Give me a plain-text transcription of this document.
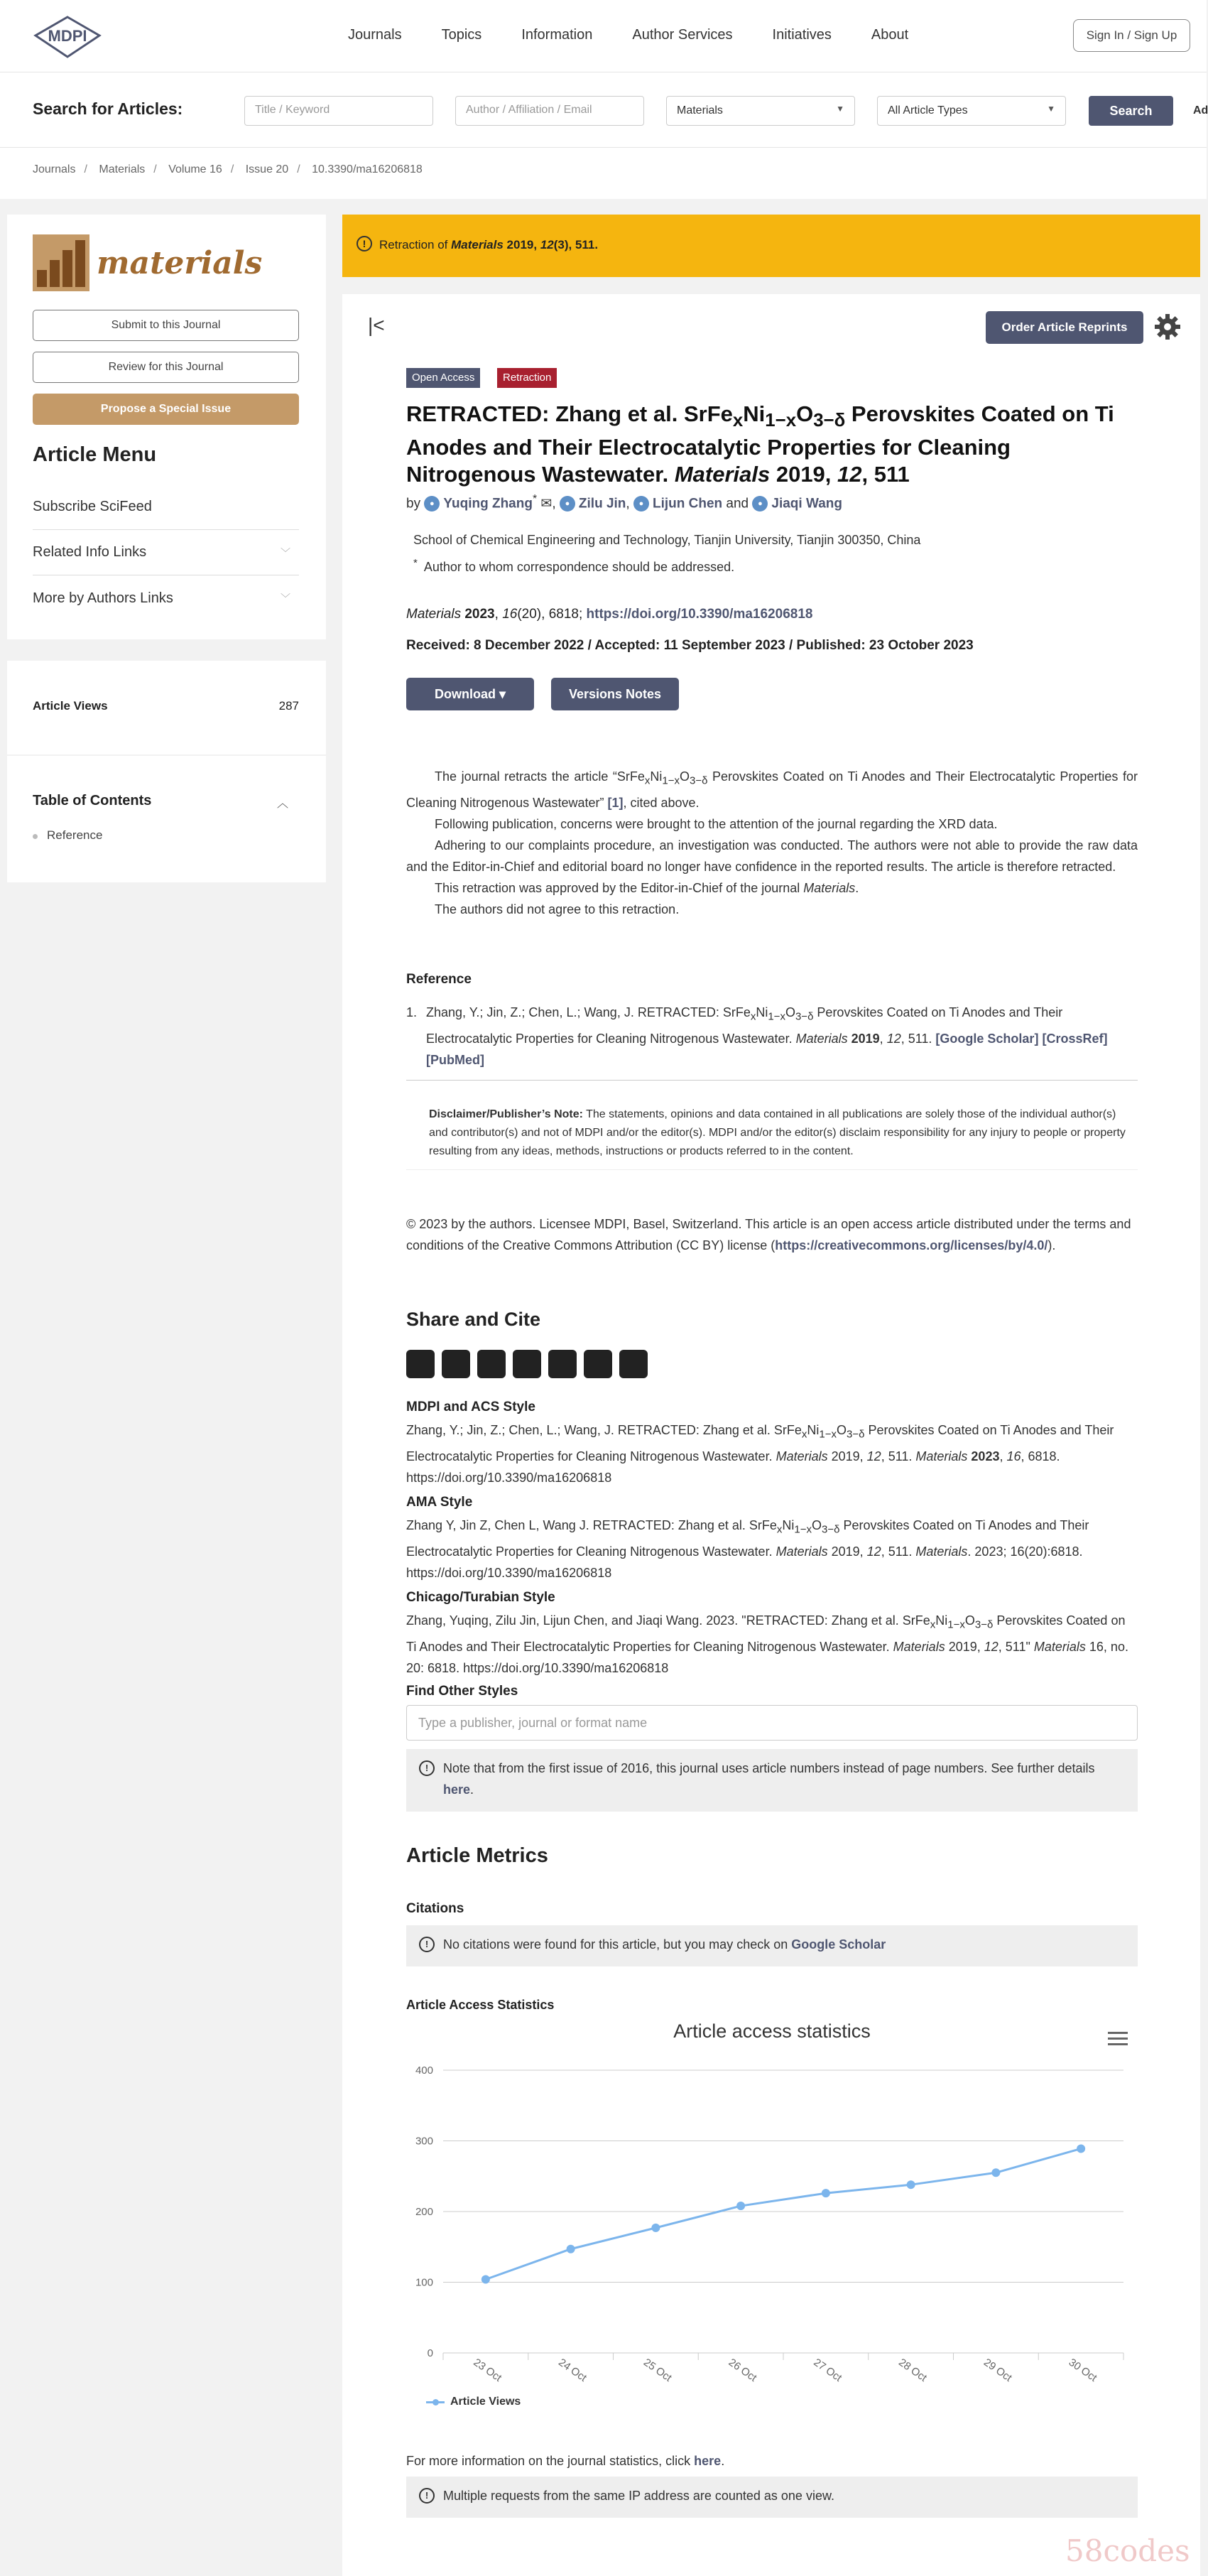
MDPI	Journals	Topics	Information	Author Services	Initiatives	About	Sign In / Sign Up
Search for Articles:	Title / Keyword	Author / Affiliation / Email	Materials	▼	All Article Types	▼	Search	Ad
Journals / Materials / Volume 16 / Issue 20 / 10.3390/ma16206818
materials
Submit to this Journal
Review for this Journal
Propose a Special Issue
Article Menu
Subscribe SciFeed
Related Info Links	﹀
More by Authors Links	﹀
Article Views	287
Table of Contents	︿
Reference
!	Retraction of Materials 2019, 12(3), 511.
|<	Order Article Reprints
Open Access	Retraction
RETRACTED: Zhang et al. $SrFe_xNi_{1-x}O_{3-\delta}$ Perovskites Coated on Ti Anodes and Their Electrocatalytic Properties for Cleaning Nitrogenous Wastewater. Materials 2019, 12, 511
by ● Yuqing Zhang* ✉, ● Zilu Jin, ● Lijun Chen and ● Jiaqi Wang
School of Chemical Engineering and Technology, Tianjin University, Tianjin 300350, China
* Author to whom correspondence should be addressed.
Materials 2023, 16(20), 6818; https://doi.org/10.3390/ma16206818
Received: 8 December 2022 / Accepted: 11 September 2023 / Published: 23 October 2023
Download
▾	Versions Notes

The journal retracts the article “$SrFe_xNi_{1-x}O_{3-\delta}$ Perovskites Coated on Ti Anodes and Their Electrocatalytic Properties for Cleaning Nitrogenous Wastewater” [1], cited above.

Following publication, concerns were brought to the attention of the journal regarding the XRD data.

Adhering to our complaints procedure, an investigation was conducted. The authors were not able to provide the raw data and the Editor-in-Chief and editorial board no longer have confidence in the reported results. The article is therefore retracted.

This retraction was approved by the Editor-in-Chief of the journal Materials.

The authors did not agree to this retraction.

Reference
1. Zhang, Y.; Jin, Z.; Chen, L.; Wang, J. RETRACTED: $SrFe_xNi_{1-x}O_{3-\delta}$ Perovskites Coated on Ti Anodes and Their Electrocatalytic Properties for Cleaning Nitrogenous Wastewater. Materials 2019, 12, 511. [Google Scholar] [CrossRef] [PubMed]
Disclaimer/Publisher’s Note: The statements, opinions and data contained in all publications are solely those of the individual author(s) and contributor(s) and not of MDPI and/or the editor(s). MDPI and/or the editor(s) disclaim responsibility for any injury to people or property resulting from any ideas, methods, instructions or products referred to in the content.
© 2023 by the authors. Licensee MDPI, Basel, Switzerland. This article is an open access article distributed under the terms and conditions of the Creative Commons Attribution (CC BY) license (https://creativecommons.org/licenses/by/4.0/).
Share and Cite
MDPI and ACS Style
Zhang, Y.; Jin, Z.; Chen, L.; Wang, J. RETRACTED: Zhang et al. $SrFe_xNi_{1-x}O_{3-\delta}$ Perovskites Coated on Ti Anodes and Their Electrocatalytic Properties for Cleaning Nitrogenous Wastewater. Materials 2019, 12, 511. Materials 2023, 16, 6818. https://doi.org/10.3390/ma16206818
AMA Style
Zhang Y, Jin Z, Chen L, Wang J. RETRACTED: Zhang et al. $SrFe_xNi_{1-x}O_{3-\delta}$ Perovskites Coated on Ti Anodes and Their Electrocatalytic Properties for Cleaning Nitrogenous Wastewater. Materials 2019, 12, 511. Materials. 2023; 16(20):6818. https://doi.org/10.3390/ma16206818
Chicago/Turabian Style
Zhang, Yuqing, Zilu Jin, Lijun Chen, and Jiaqi Wang. 2023. "RETRACTED: Zhang et al. $SrFe_xNi_{1-x}O_{3-\delta}$ Perovskites Coated on Ti Anodes and Their Electrocatalytic Properties for Cleaning Nitrogenous Wastewater. Materials 2019, 12, 511" Materials 16, no. 20: 6818. https://doi.org/10.3390/ma16206818
Find Other Styles
Type a publisher, journal or format name
!	Note that from the first issue of 2016, this journal uses article numbers instead of page numbers. See further details here.
Article Metrics
Citations
!	No citations were found for this article, but you may check on Google Scholar
Article Access Statistics
0
100
200
300
400
23 Oct	24 Oct	25 Oct	26 Oct	27 Oct	28 Oct	29 Oct	30 Oct
Article access statistics
Article Views
For more information on the journal statistics, click here.
!	Multiple requests from the same IP address are counted as one view.
58codes
